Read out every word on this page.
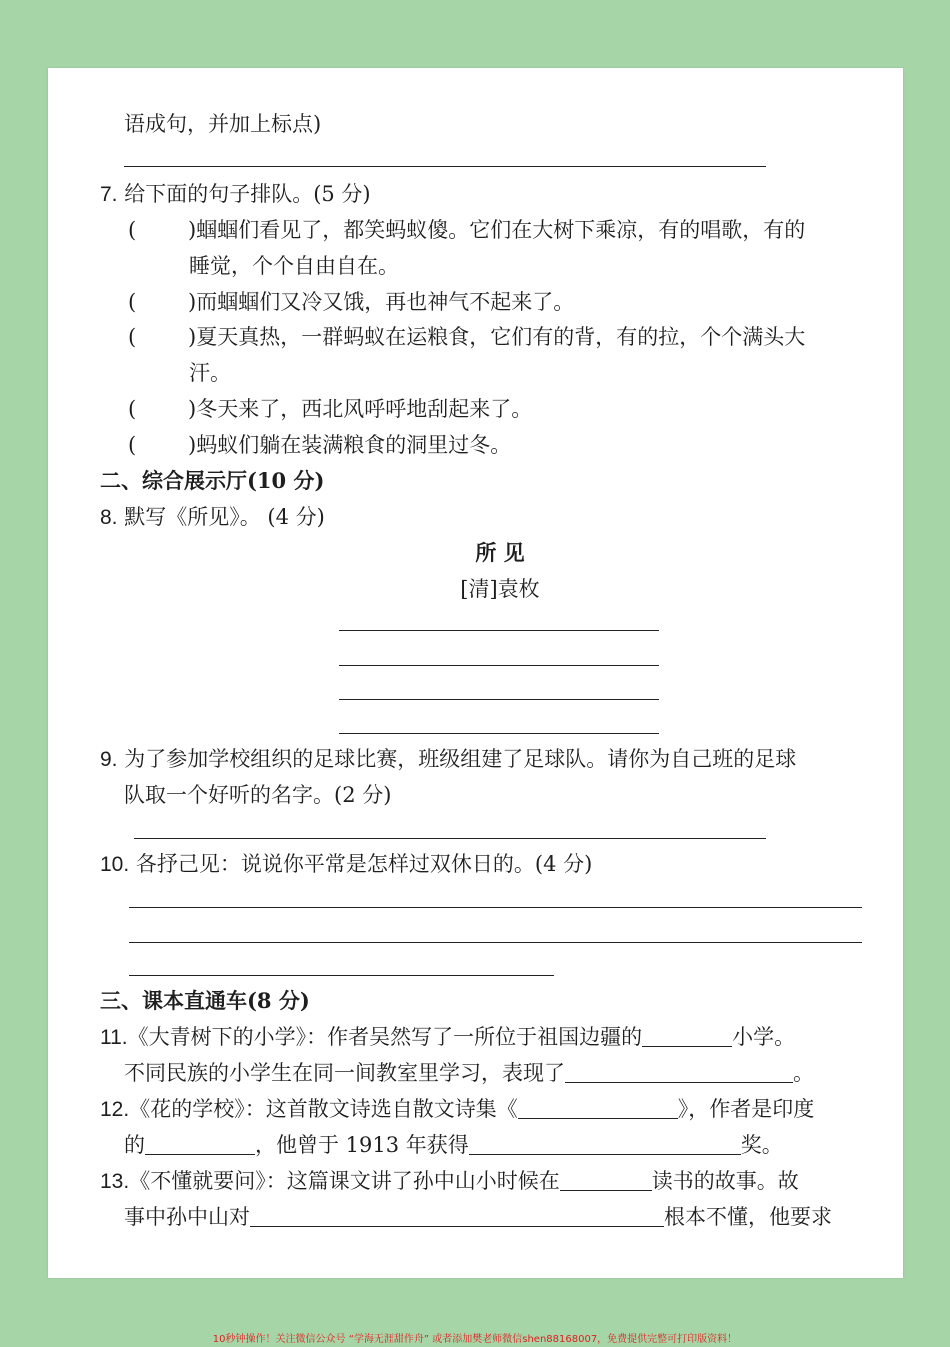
语成句，并加上标点)
7. 给下面的句子排队。(5 分)
( )蝈蝈们看见了，都笑蚂蚁傻。它们在大树下乘凉，有的唱歌，有的
睡觉，个个自由自在。
( )而蝈蝈们又冷又饿，再也神气不起来了。
( )夏天真热，一群蚂蚁在运粮食，它们有的背，有的拉，个个满头大
汗。
( )冬天来了，西北风呼呼地刮起来了。
( )蚂蚁们躺在装满粮食的洞里过冬。
二、综合展示厅(10 分)
8. 默写《所见》。 (4 分)
所 见
[清]袁枚
9. 为了参加学校组织的足球比赛，班级组建了足球队。请你为自己班的足球
队取一个好听的名字。(2 分)
10. 各抒己见：说说你平常是怎样过双休日的。(4 分)
三、课本直通车(8 分)
11.《大青树下的小学》：作者吴然写了一所位于祖国边疆的	小学。
不同民族的小学生在同一间教室里学习，表现了	。
12.《花的学校》：这首散文诗选自散文诗集《	》，作者是印度
的	，他曾于 1913 年获得	奖。
13.《不懂就要问》：这篇课文讲了孙中山小时候在	读书的故事。故
事中孙中山对	根本不懂，他要求
10秒钟操作！关注微信公众号 “学海无涯甜作舟” 或者添加樊老师微信shen88168007，免费提供完整可打印版资料！
